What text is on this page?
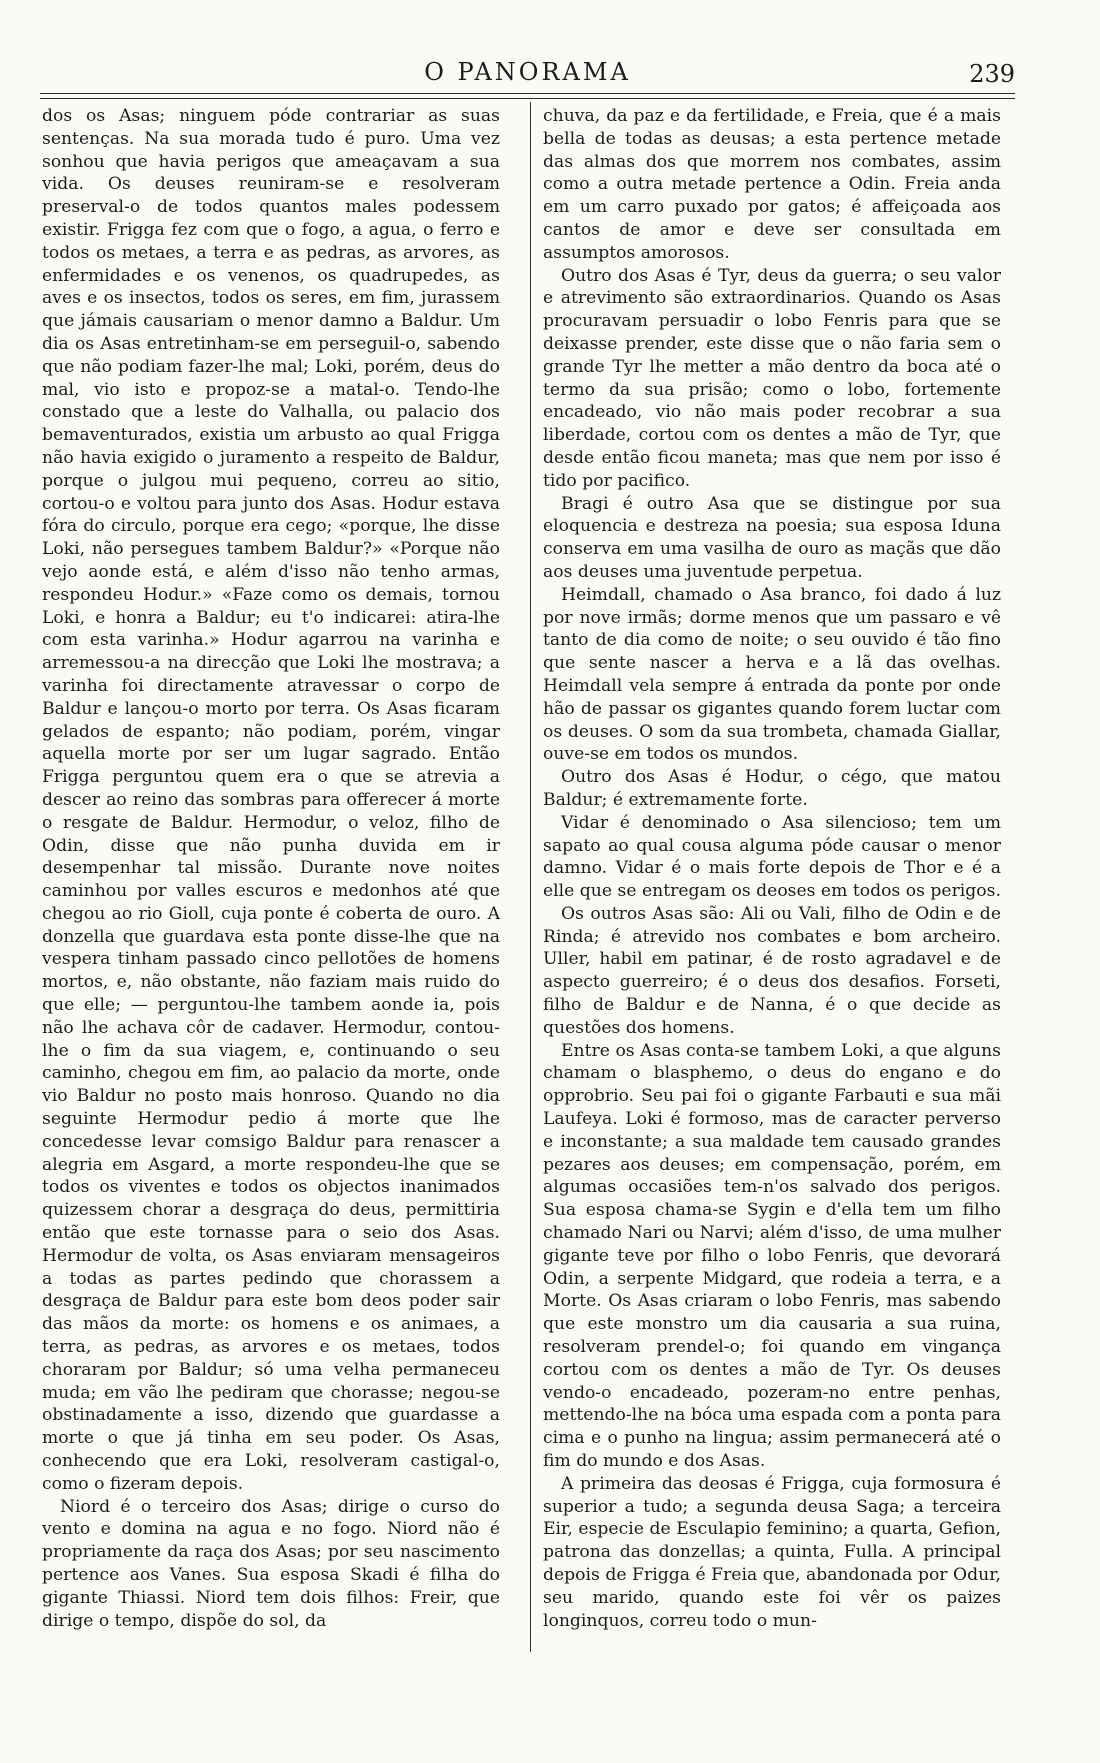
O PANORAMA	239

dos os Asas; ninguem póde contrariar as suas sentenças. Na sua morada tudo é puro. Uma vez sonhou que havia perigos que ameaçavam a sua vida. Os deuses reuniram-se e resolveram preserval-o de todos quantos males podessem existir. Frigga fez com que o fogo, a agua, o ferro e todos os metaes, a terra e as pedras, as arvores, as enfermidades e os venenos, os quadrupedes, as aves e os insectos, todos os seres, em fim, jurassem que jámais causariam o menor damno a Baldur. Um dia os Asas entretinham-se em perseguil-o, sabendo que não podiam fazer-lhe mal; Loki, porém, deus do mal, vio isto e propoz-se a matal-o. Tendo-lhe constado que a leste do Valhalla, ou palacio dos bemaventurados, existia um arbusto ao qual Frigga não havia exigido o juramento a respeito de Baldur, porque o julgou mui pequeno, correu ao sitio, cortou-o e voltou para junto dos Asas. Hodur estava fóra do circulo, porque era cego; «porque, lhe disse Loki, não persegues tambem Baldur?» «Porque não vejo aonde está, e além d'isso não tenho armas, respondeu Hodur.» «Faze como os demais, tornou Loki, e honra a Baldur; eu t'o indicarei: atira-lhe com esta varinha.» Hodur agarrou na varinha e arremessou-a na direcção que Loki lhe mostrava; a varinha foi directamente atravessar o corpo de Baldur e lançou-o morto por terra. Os Asas ficaram gelados de espanto; não podiam, porém, vingar aquella morte por ser um lugar sagrado. Então Frigga perguntou quem era o que se atrevia a descer ao reino das sombras para offerecer á morte o resgate de Baldur. Hermodur, o veloz, filho de Odin, disse que não punha duvida em ir desempenhar tal missão. Durante nove noites caminhou por valles escuros e medonhos até que chegou ao rio Gioll, cuja ponte é coberta de ouro. A donzella que guardava esta ponte disse-lhe que na vespera tinham passado cinco pellotões de homens mortos, e, não obstante, não faziam mais ruido do que elle; — perguntou-lhe tambem aonde ia, pois não lhe achava côr de cadaver. Hermodur, contou-lhe o fim da sua viagem, e, continuando o seu caminho, chegou em fim, ao palacio da morte, onde vio Baldur no posto mais honroso. Quando no dia seguinte Hermodur pedio á morte que lhe concedesse levar comsigo Baldur para renascer a alegria em Asgard, a morte respondeu-lhe que se todos os viventes e todos os objectos inanimados quizessem chorar a desgraça do deus, permittiria então que este tornasse para o seio dos Asas. Hermodur de volta, os Asas enviaram mensageiros a todas as partes pedindo que chorassem a desgraça de Baldur para este bom deos poder sair das mãos da morte: os homens e os animaes, a terra, as pedras, as arvores e os metaes, todos choraram por Baldur; só uma velha permaneceu muda; em vão lhe pediram que chorasse; negou-se obstinadamente a isso, dizendo que guardasse a morte o que já tinha em seu poder. Os Asas, conhecendo que era Loki, resolveram castigal-o, como o fizeram depois.

Niord é o terceiro dos Asas; dirige o curso do vento e domina na agua e no fogo. Niord não é propriamente da raça dos Asas; por seu nascimento pertence aos Vanes. Sua esposa Skadi é filha do gigante Thiassi. Niord tem dois filhos: Freir, que dirige o tempo, dispõe do sol, da

chuva, da paz e da fertilidade, e Freia, que é a mais bella de todas as deusas; a esta pertence metade das almas dos que morrem nos combates, assim como a outra metade pertence a Odin. Freia anda em um carro puxado por gatos; é affeiçoada aos cantos de amor e deve ser consultada em assumptos amorosos.

Outro dos Asas é Tyr, deus da guerra; o seu valor e atrevimento são extraordinarios. Quando os Asas procuravam persuadir o lobo Fenris para que se deixasse prender, este disse que o não faria sem o grande Tyr lhe metter a mão dentro da boca até o termo da sua prisão; como o lobo, fortemente encadeado, vio não mais poder recobrar a sua liberdade, cortou com os dentes a mão de Tyr, que desde então ficou maneta; mas que nem por isso é tido por pacifico.

Bragi é outro Asa que se distingue por sua eloquencia e destreza na poesia; sua esposa Iduna conserva em uma vasilha de ouro as maçãs que dão aos deuses uma juventude perpetua.

Heimdall, chamado o Asa branco, foi dado á luz por nove irmãs; dorme menos que um passaro e vê tanto de dia como de noite; o seu ouvido é tão fino que sente nascer a herva e a lã das ovelhas. Heimdall vela sempre á entrada da ponte por onde hão de passar os gigantes quando forem luctar com os deuses. O som da sua trombeta, chamada Giallar, ouve-se em todos os mundos.

Outro dos Asas é Hodur, o cégo, que matou Baldur; é extremamente forte.

Vidar é denominado o Asa silencioso; tem um sapato ao qual cousa alguma póde causar o menor damno. Vidar é o mais forte depois de Thor e é a elle que se entregam os deoses em todos os perigos.

Os outros Asas são: Ali ou Vali, filho de Odin e de Rinda; é atrevido nos combates e bom archeiro. Uller, habil em patinar, é de rosto agradavel e de aspecto guerreiro; é o deus dos desafios. Forseti, filho de Baldur e de Nanna, é o que decide as questões dos homens.

Entre os Asas conta-se tambem Loki, a que alguns chamam o blasphemo, o deus do engano e do opprobrio. Seu pai foi o gigante Farbauti e sua mãi Laufeya. Loki é formoso, mas de caracter perverso e inconstante; a sua maldade tem causado grandes pezares aos deuses; em compensação, porém, em algumas occasiões tem-n'os salvado dos perigos. Sua esposa chama-se Sygin e d'ella tem um filho chamado Nari ou Narvi; além d'isso, de uma mulher gigante teve por filho o lobo Fenris, que devorará Odin, a serpente Midgard, que rodeia a terra, e a Morte. Os Asas criaram o lobo Fenris, mas sabendo que este monstro um dia causaria a sua ruina, resolveram prendel-o; foi quando em vingança cortou com os dentes a mão de Tyr. Os deuses vendo-o encadeado, pozeram-no entre penhas, mettendo-lhe na bóca uma espada com a ponta para cima e o punho na lingua; assim permanecerá até o fim do mundo e dos Asas.

A primeira das deosas é Frigga, cuja formosura é superior a tudo; a segunda deusa Saga; a terceira Eir, especie de Esculapio feminino; a quarta, Gefion, patrona das donzellas; a quinta, Fulla. A principal depois de Frigga é Freia que, abandonada por Odur, seu marido, quando este foi vêr os paizes longinquos, correu todo o mun-
